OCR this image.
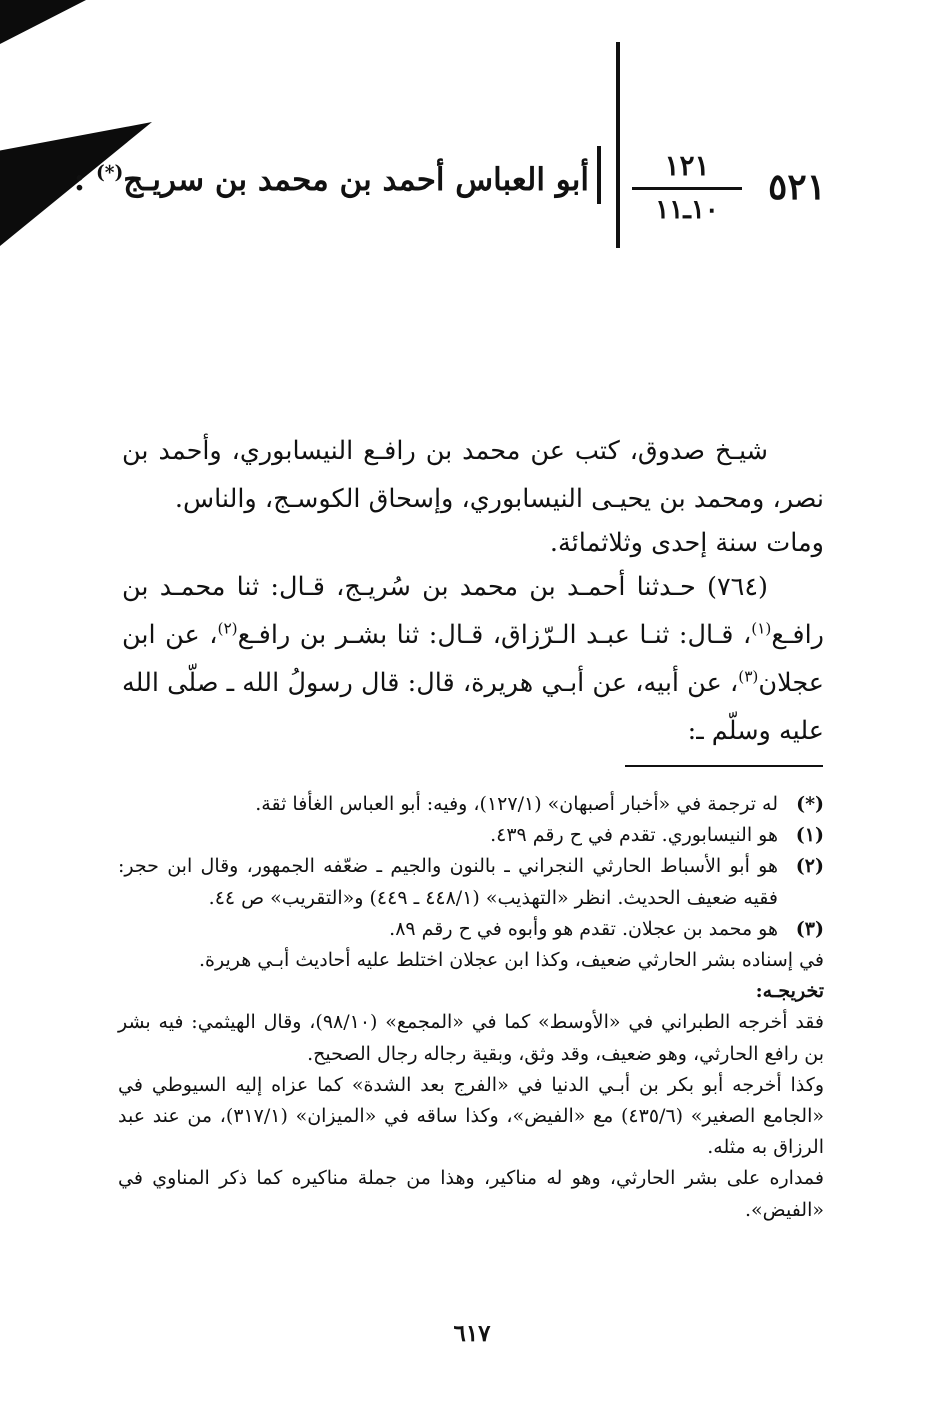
٥٢١
١٢١
١٠ـ١١
أبو العباس أحمد بن محمد بن سريـج(*) :

شيـخ صدوق، كتب عن محمد بن رافـع النيسابوري، وأحمد بن نصر، ومحمد بن يحيـى النيسابوري، وإسحاق الكوسـج، والناس.

ومات سنة إحدى وثلاثمائة.

(٧٦٤) حـدثنا أحمـد بن محمد بن سُريـج، قـال: ثنا محمـد بن رافـع$^{(١)}$، قـال: ثنـا عبـد الـرّزاق، قـال: ثنا بشـر بن رافـع$^{(٢)}$، عن ابن عجلان$^{(٣)}$، عن أبيه، عن أبـي هريرة، قال: قال رسولُ الله ـ صلّى الله عليه وسلّم ـ:

(*)
له ترجمة في «أخبار أصبهان» (١٢٧/١)، وفيه: أبو العباس الغأفا ثقة.
(١)
هو النيسابوري. تقدم في ح رقم ٤٣٩.
(٢)
هو أبو الأسباط الحارثي النجراني ـ بالنون والجيم ـ ضعّفه الجمهور، وقال ابن حجر: فقيه ضعيف الحديث. انظر «التهذيب» (٤٤٨/١ ـ ٤٤٩) و«التقريب» ص ٤٤.
(٣)
هو محمد بن عجلان. تقدم هو وأبوه في ح رقم ٨٩.

في إسناده بشر الحارثي ضعيف، وكذا ابن عجلان اختلط عليه أحاديث أبـي هريرة.

تخريجـه:

فقد أخرجه الطبراني في «الأوسط» كما في «المجمع» (٩٨/١٠)، وقال الهيثمي: فيه بشر بن رافع الحارثي، وهو ضعيف، وقد وثق، وبقية رجاله رجال الصحيح.

وكذا أخرجه أبو بكر بن أبـي الدنيا في «الفرج بعد الشدة» كما عزاه إليه السيوطي في «الجامع الصغير» (٤٣٥/٦) مع «الفيض»، وكذا ساقه في «الميزان» (٣١٧/١)، من عند عبد الرزاق به مثله.

فمداره على بشر الحارثي، وهو له مناكير، وهذا من جملة مناكيره كما ذكر المناوي في «الفيض».

٦١٧
